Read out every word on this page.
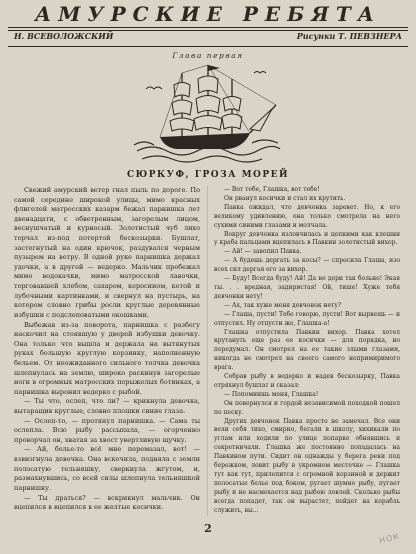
АМУРСКИЕ РЕБЯТА
Н. ВСЕВОЛОЖСКИЙ	Рисунки Т. ПЕВЗНЕРА
Глава первая
СЮРКУФ, ГРОЗА МОРЕЙ

Свежий амурский ветер гнал пыль по дороге. По самой середине широкой улицы, мимо красных флигелей матросских казарм бежал парнишка лет двенадцати, с обветренным, загорелым лицом, веснушчатый и курносый. Золотистый чуб лихо торчал из-под потертой бескозырки. Бушлат, застегнутый на один крючок, раздувался черным пузырем на ветру. В одной руке парнишка держал удочки, а в другой — ведерко. Мальчик пробежал мимо водокачки, мимо матросской лавочки, торговавшей хлебом, сахаром, керосином, кетой и лубочными картинками, и свернул на пустырь, на котором словно грибы росли круглые деревянные избушки с подслеповатыми окошками.

Выбежав из-за поворота, парнишка с разбегу наскочил на стоявшую у дверей избушки девочку. Она только что вышла и держала на вытянутых руках большую круглую корзинку, наполненную бельем. От неожиданного сильного толчка девочка шлепнулась на землю, широко раскинув загорелые ноги в огромных матросских порыжелых ботинках, а парнишка выронил ведерко с рыбой.

— Ты что, ослеп, что ли? — крикнула девочка, вытаращив круглые, словно плошки синие глаза.

— Ослеп-то, — протянул парнишка. — Сама ты ослепла. Всю рыбу рассыпала, — огорченно проворчал он, хватая за хвост увертливую щучку.

— Ай, белье-то всё мне перемазал, вот! — взвизгнула девочка. Она вскочила, подняла с земли полосатую тельняшку, сверкнула жгутом, и, размахнувшись, со всей силы шлепнула тельняшкой парнишку.

— Ты драться? — вскрикнул мальчик. Он вцепился в вцепился в ее желтые косички.

— Вот тебе, Глашка, вот тебе!

Он рванул косички и стал их крутить.

Павка ожидал, что девчонка заревет. Но, к его великому удивлению, она только смотрела на него сухими синими глазами и молчала.

Вокруг девчонка изловчилась и цепкими как клешни у краба пальцами вцепилась в Павкин золотистый вихор.

— Ай! — завопил Павка.

— А будешь дергать за косы? — спросила Глаша, изо всех сил дергая его за вихор.

— Буду! Всегда буду! Ай! Да не дери так больно! Экая ты. . . вредная, задиристая! Ой, тише! Хуже тебя девчонки нету!

— Ах, так хуже меня девчонок нету?

— Глаша, пусти! Тебе говорю, пусти! Вот вырвешь — и отпустил. Ну отпусти же, Глашка-а!

Глашка отпустила Павкин вихор. Павка хотел крутануть еще раз ее косички — для порядка, но передумал. Он смотрел на ее такие злыми глазами, никогда не смотрел на своего самого непримиримого врага.

Собрав рыбу в ведерко и надев бескозырку, Павка отряхнул бушлат и сказал:

— Попомнишь меня, Глашка!

Он повернулся и гордой независимой походкой пошел по песку.

Других девчонок Павка просто не замечал. Все они вели себя тихо, смирно, бегали в школу, хихикали по углам или ходили по улице попарке обнявшись и секретничали. Глашка же постоянно попадалась на Павкином пути. Сидит он однажды у берега реки под бережком, ловит рыбу в укромном местечке — Глашка тут как тут, прилепится с огромной корзиной и держит полосатые белье под боком, ругает шумно рыбу, пугает рыбу и не насмехается над рыбою ловлей. Сколько рыбы всегда попадет, так он вырастет, пойдет на корабль служить, вы...

2
НОК
